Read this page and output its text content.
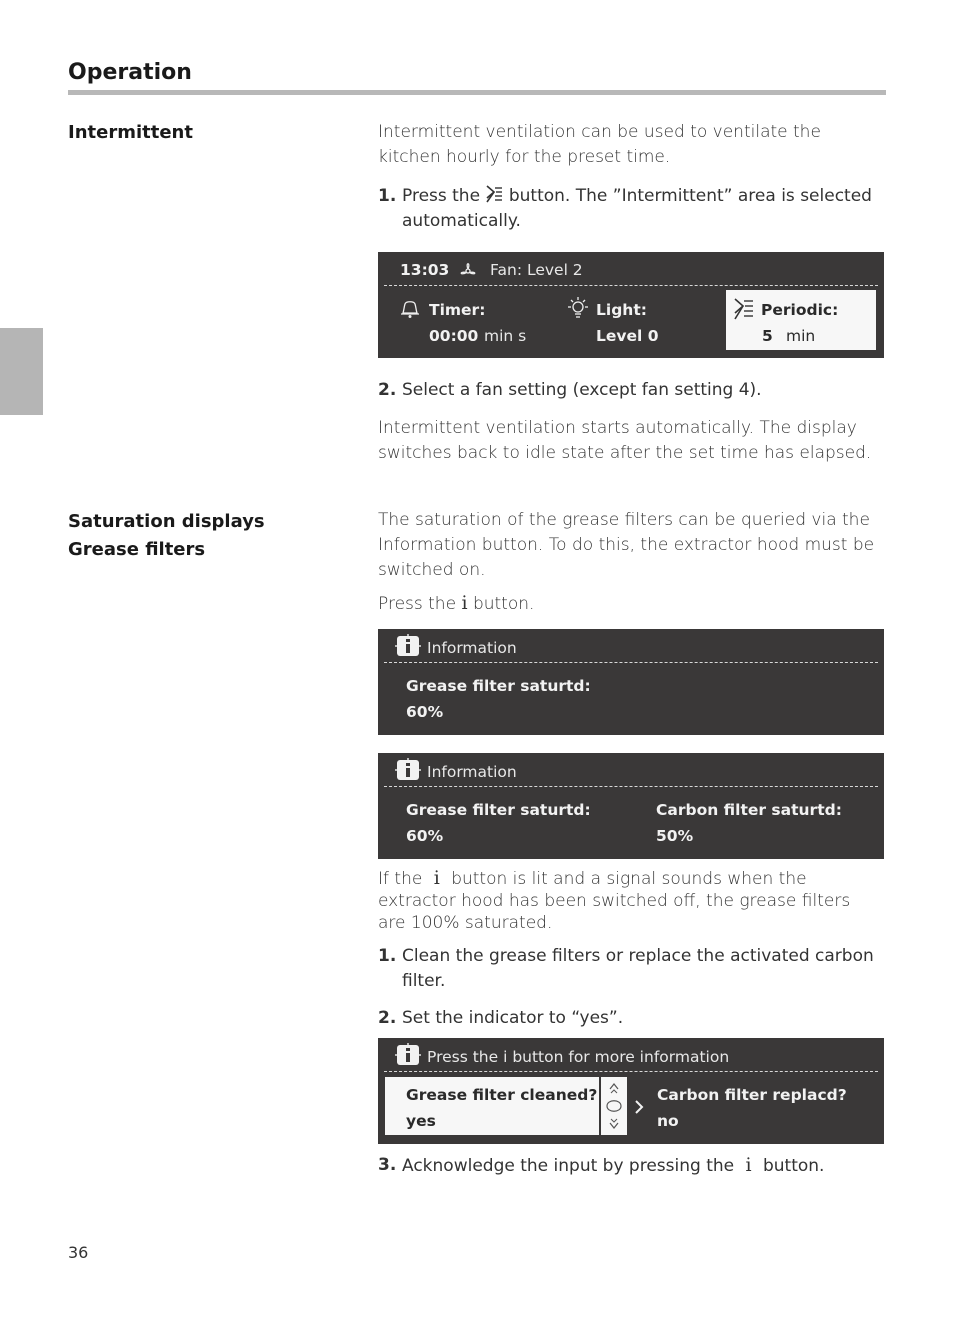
Operation
Intermittent	Intermittent ventilation can be used to ventilate the kitchen hourly for the preset time.
1. Press the button. The ”Intermittent” area is selected automatically.
13:03	Fan: Level 2
Timer:
00:00 min s
Light:
Level 0
Periodic:
5 min
2. Select a fan setting (except fan setting 4).
Intermittent ventilation starts automatically. The display switches back to idle state after the set time has elapsed.
Saturation displays
Grease filters
The saturation of the grease filters can be queried via the Information button. To do this, the extractor hood must be switched on.
Press the i button.
Information
Grease filter saturtd:
60%
Information
Grease filter saturtd:
60%
Carbon filter saturtd:
50%
If the i button is lit and a signal sounds when the extractor hood has been switched off, the grease filters are 100% saturated.
1. Clean the grease filters or replace the activated carbon filter.
2. Set the indicator to “yes”.
Press the i button for more information
Grease filter cleaned?
yes
Carbon filter replacd?
no
3. Acknowledge the input by pressing the i button.
36
